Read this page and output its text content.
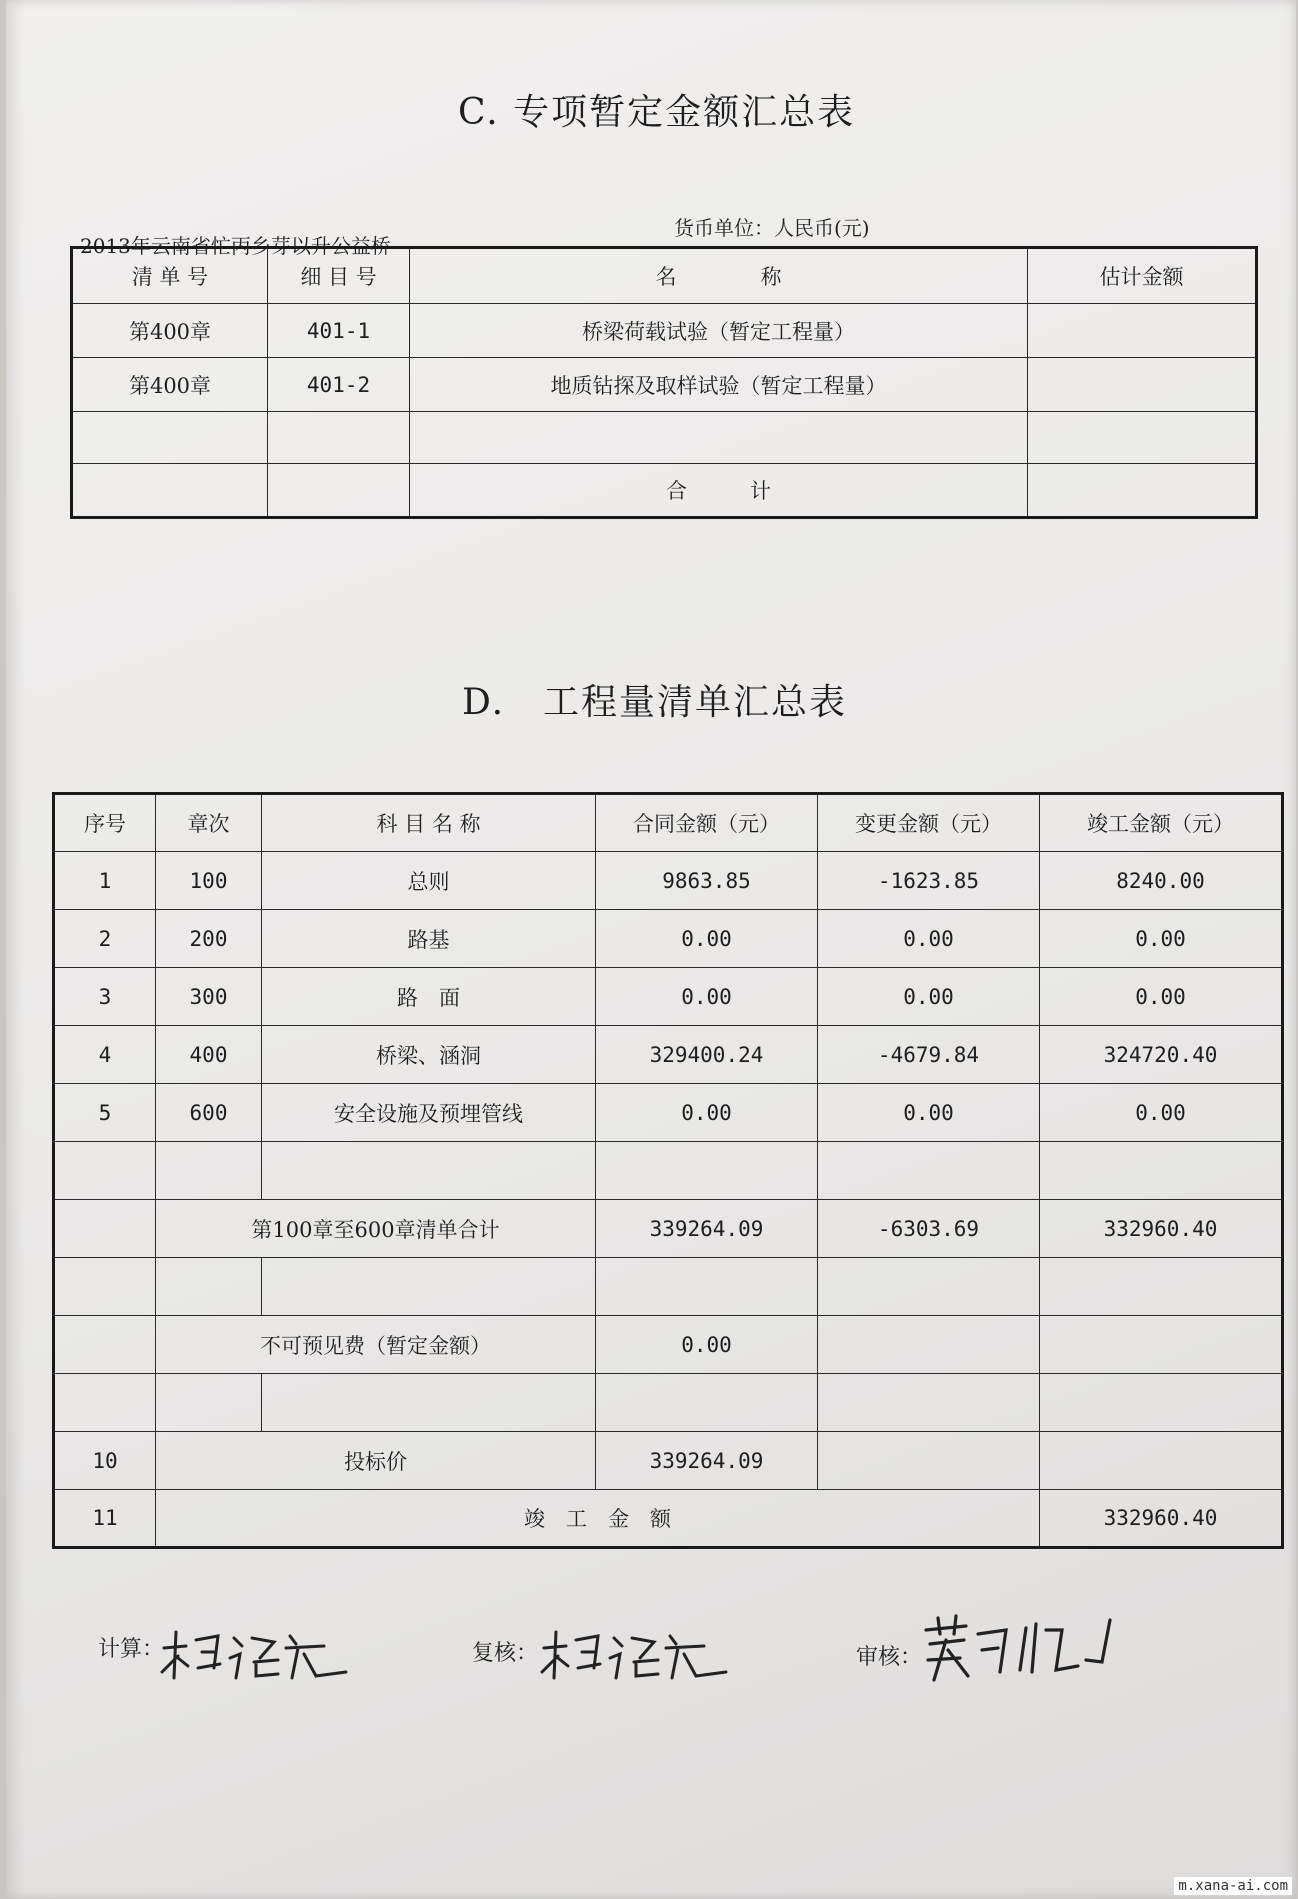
C. 专项暂定金额汇总表
2013年云南省忙丙乡芽以升公益桥
货币单位：人民币(元)
清 单 号	细 目 号	名　　　　称	估计金额
第400章	401-1	桥梁荷载试验（暂定工程量）	
第400章	401-2	地质钻探及取样试验（暂定工程量）	

		合　　　计	
D.　工程量清单汇总表
序号	章次	科 目 名 称	合同金额（元）	变更金额（元）	竣工金额（元）
1	100	总则	9863.85	-1623.85	8240.00
2	200	路基	0.00	0.00	0.00
3	300	路　面	0.00	0.00	0.00
4	400	桥梁、涵洞	329400.24	-4679.84	324720.40
5	600	安全设施及预埋管线	0.00	0.00	0.00

	第100章至600章清单合计		339264.09	-6303.69	332960.40

	不可预见费（暂定金额）		0.00		

10	投标价		339264.09		
11	竣　工　金　额				332960.40
计算：	复核：	审核：
m.xana-ai.com
